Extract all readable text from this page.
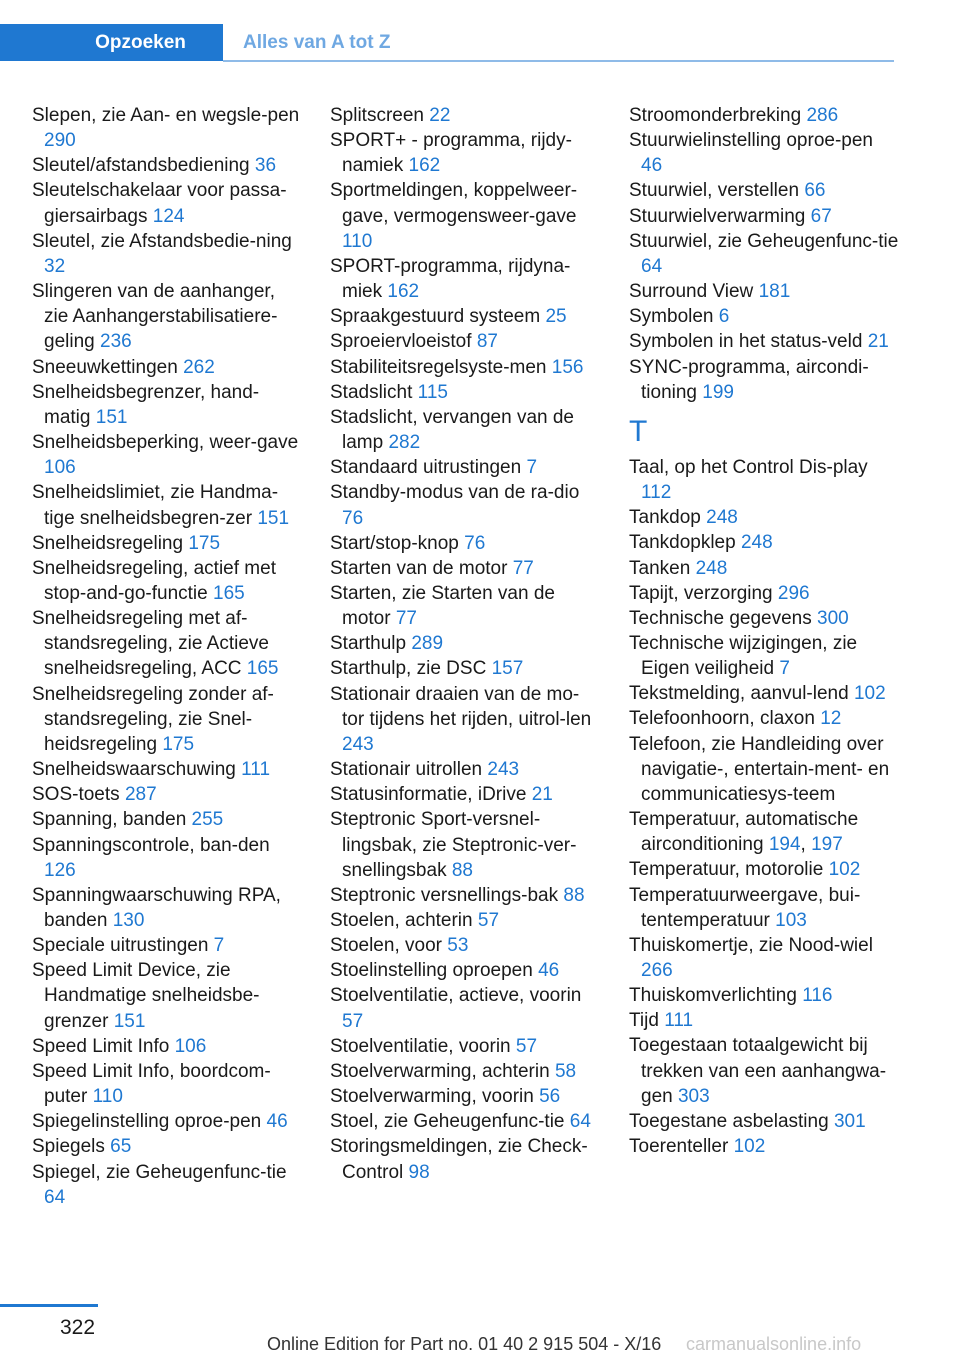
Opzoeken	Alles van A tot Z
Slepen, zie Aan- en wegsle-pen 290
Sleutel/afstandsbediening 36
Sleutelschakelaar voor passa-giersairbags 124
Sleutel, zie Afstandsbedie-ning 32
Slingeren van de aanhanger, zie Aanhangerstabilisatiere-geling 236
Sneeuwkettingen 262
Snelheidsbegrenzer, hand-matig 151
Snelheidsbeperking, weer-gave 106
Snelheidslimiet, zie Handma-tige snelheidsbegren-zer 151
Snelheidsregeling 175
Snelheidsregeling, actief met stop-and-go-functie 165
Snelheidsregeling met af-standsregeling, zie Actieve snelheidsregeling, ACC 165
Snelheidsregeling zonder af-standsregeling, zie Snel-heidsregeling 175
Snelheidswaarschuwing 111
SOS-toets 287
Spanning, banden 255
Spanningscontrole, ban-den 126
Spanningwaarschuwing RPA, banden 130
Speciale uitrustingen 7
Speed Limit Device, zie Handmatige snelheidsbe-grenzer 151
Speed Limit Info 106
Speed Limit Info, boordcom-puter 110
Spiegelinstelling oproe-pen 46
Spiegels 65
Spiegel, zie Geheugenfunc-tie 64
Splitscreen 22
SPORT+ - programma, rijdy-namiek 162
Sportmeldingen, koppelweer-gave, vermogensweer-gave 110
SPORT-programma, rijdyna-miek 162
Spraakgestuurd systeem 25
Sproeiervloeistof 87
Stabiliteitsregelsyste-men 156
Stadslicht 115
Stadslicht, vervangen van de lamp 282
Standaard uitrustingen 7
Standby-modus van de ra-dio 76
Start/stop-knop 76
Starten van de motor 77
Starten, zie Starten van de motor 77
Starthulp 289
Starthulp, zie DSC 157
Stationair draaien van de mo-tor tijdens het rijden, uitrol-len 243
Stationair uitrollen 243
Statusinformatie, iDrive 21
Steptronic Sport-versnel-lingsbak, zie Steptronic-ver-snellingsbak 88
Steptronic versnellings-bak 88
Stoelen, achterin 57
Stoelen, voor 53
Stoelinstelling oproepen 46
Stoelventilatie, actieve, voorin 57
Stoelventilatie, voorin 57
Stoelverwarming, achterin 58
Stoelverwarming, voorin 56
Stoel, zie Geheugenfunc-tie 64
Storingsmeldingen, zie Check-Control 98
Stroomonderbreking 286
Stuurwielinstelling oproe-pen 46
Stuurwiel, verstellen 66
Stuurwielverwarming 67
Stuurwiel, zie Geheugenfunc-tie 64
Surround View 181
Symbolen 6
Symbolen in het status-veld 21
SYNC-programma, aircondi-tioning 199
T
Taal, op het Control Dis-play 112
Tankdop 248
Tankdopklep 248
Tanken 248
Tapijt, verzorging 296
Technische gegevens 300
Technische wijzigingen, zie Eigen veiligheid 7
Tekstmelding, aanvul-lend 102
Telefoonhoorn, claxon 12
Telefoon, zie Handleiding over navigatie-, entertain-ment- en communicatiesys-teem
Temperatuur, automatische airconditioning 194, 197
Temperatuur, motorolie 102
Temperatuurweergave, bui-tentemperatuur 103
Thuiskomertje, zie Nood-wiel 266
Thuiskomverlichting 116
Tijd 111
Toegestaan totaalgewicht bij trekken van een aanhangwa-gen 303
Toegestane asbelasting 301
Toerenteller 102
322
Online Edition for Part no. 01 40 2 915 504 - X/16 carmanualsonline.info
